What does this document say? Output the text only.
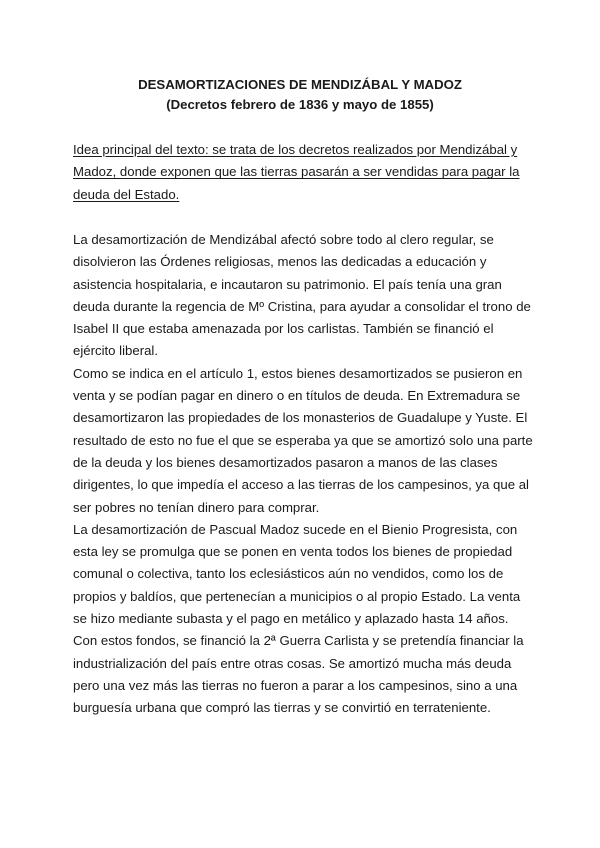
DESAMORTIZACIONES DE MENDIZÁBAL Y MADOZ
(Decretos febrero de 1836 y mayo de 1855)

Idea principal del texto: se trata de los decretos realizados por Mendizábal y Madoz, donde exponen que las tierras pasarán a ser vendidas para pagar la deuda del Estado.

La desamortización de Mendizábal afectó sobre todo al clero regular, se disolvieron las Órdenes religiosas, menos las dedicadas a educación y asistencia hospitalaria, e incautaron su patrimonio. El país tenía una gran deuda durante la regencia de Mº Cristina, para ayudar a consolidar el trono de Isabel II que estaba amenazada por los carlistas. También se financió el ejército liberal.

Como se indica en el artículo 1, estos bienes desamortizados se pusieron en venta y se podían pagar en dinero o en títulos de deuda. En Extremadura se desamortizaron las propiedades de los monasterios de Guadalupe y Yuste. El resultado de esto no fue el que se esperaba ya que se amortizó solo una parte de la deuda y los bienes desamortizados pasaron a manos de las clases dirigentes, lo que impedía el acceso a las tierras de los campesinos, ya que al ser pobres no tenían dinero para comprar.

La desamortización de Pascual Madoz sucede en el Bienio Progresista, con esta ley se promulga que se ponen en venta todos los bienes de propiedad comunal o colectiva, tanto los eclesiásticos aún no vendidos, como los de propios y baldíos, que pertenecían a municipios o al propio Estado. La venta se hizo mediante subasta y el pago en metálico y aplazado hasta 14 años. Con estos fondos, se financió la 2ª Guerra Carlista y se pretendía financiar la industrialización del país entre otras cosas. Se amortizó mucha más deuda pero una vez más las tierras no fueron a parar a los campesinos, sino a una burguesía urbana que compró las tierras y se convirtió en terrateniente.
